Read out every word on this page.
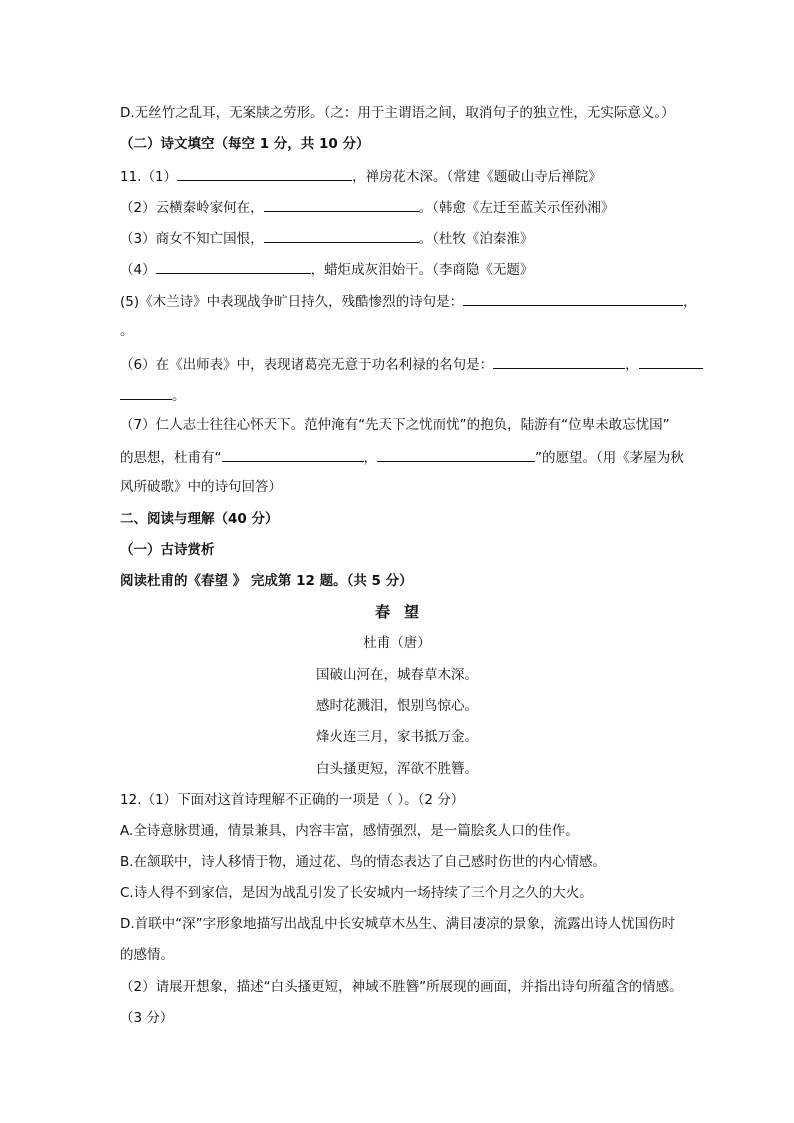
D.无丝竹之乱耳，无案牍之劳形。（之：用于主谓语之间，取消句子的独立性，无实际意义。）
（二）诗文填空（每空 1 分，共 10 分）
11.（1）	，禅房花木深。（常建《题破山寺后禅院》
（2）云横秦岭家何在，	。（韩愈《左迁至蓝关示侄孙湘》
（3）商女不知亡国恨，	。（杜牧《泊秦淮》
（4）	，蜡炬成灰泪始干。（李商隐《无题》
(5)《木兰诗》中表现战争旷日持久，残酷惨烈的诗句是：	，
。
（6）在《出师表》中，表现诸葛亮无意于功名利禄的名句是：	，
。
（7）仁人志士往往心怀天下。范仲淹有“先天下之忧而忧”的抱负，陆游有“位卑未敢忘忧国”
的思想，杜甫有“	，	”的愿望。（用《茅屋为秋
风所破歌》中的诗句回答）
二、阅读与理解（40 分）
（一）古诗赏析
阅读杜甫的《春望 》 完成第 12 题。（共 5 分）
春望
杜甫（唐）
国破山河在，城春草木深。
感时花溅泪，恨别鸟惊心。
烽火连三月，家书抵万金。
白头搔更短，浑欲不胜簪。
12.（1）下面对这首诗理解不正确的一项是（ ）。（2 分）
A.全诗意脉贯通，情景兼具，内容丰富，感情强烈，是一篇脍炙人口的佳作。
B.在颔联中，诗人移情于物，通过花、鸟的情态表达了自己感时伤世的内心情感。
C.诗人得不到家信，是因为战乱引发了长安城内一场持续了三个月之久的大火。
D.首联中“深”字形象地描写出战乱中长安城草木丛生、满目凄凉的景象，流露出诗人忧国伤时
的感情。
（2）请展开想象，描述“白头搔更短，神域不胜簪”所展现的画面，并指出诗句所蕴含的情感。
（3 分）
